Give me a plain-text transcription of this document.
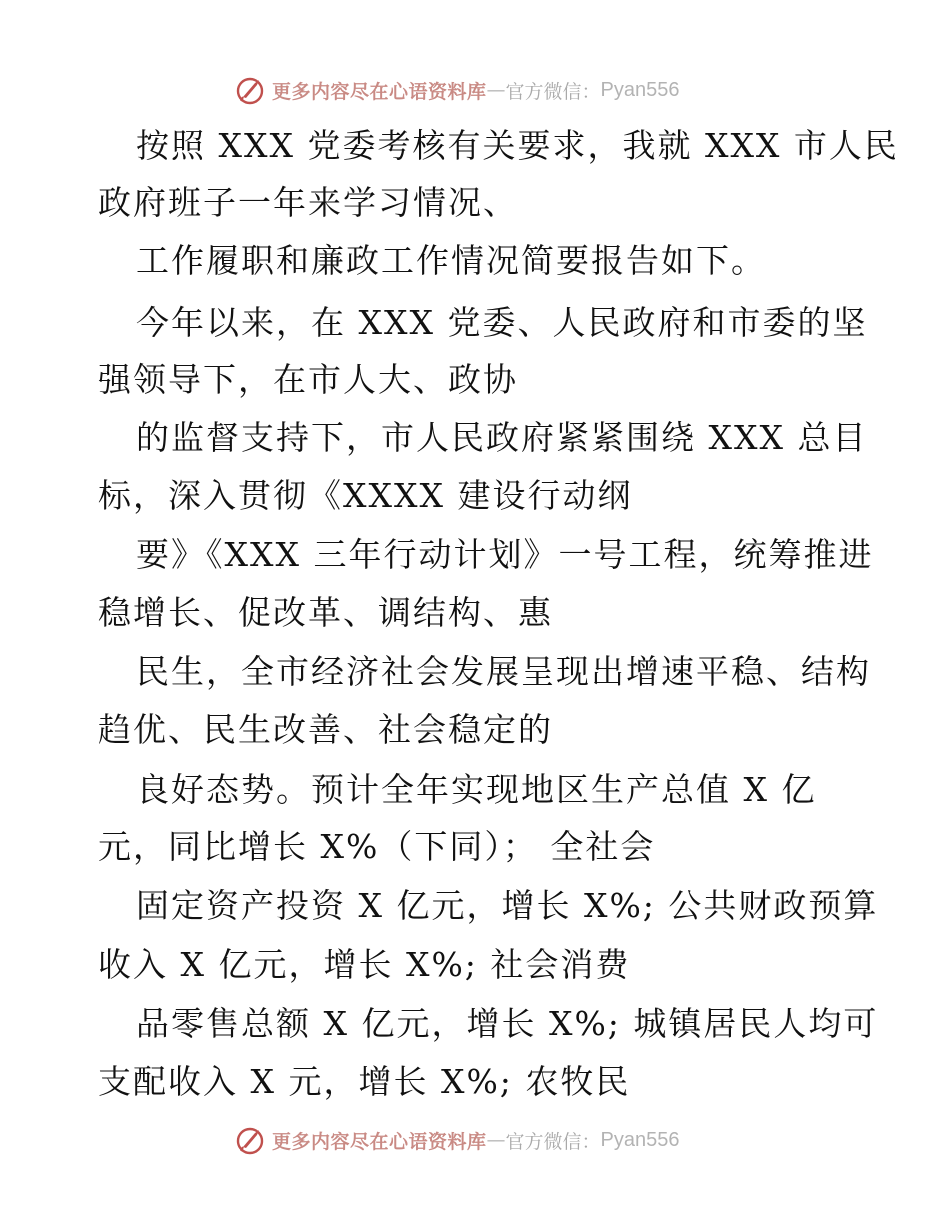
更多内容尽在心语资料库 — 官方微信： Pyan556
按照 XXX 党委考核有关要求，我就 XXX 市人民
政府班子一年来学习情况、
工作履职和廉政工作情况简要报告如下。
今年以来，在 XXX 党委、人民政府和市委的坚
强领导下，在市人大、政协
的监督支持下，市人民政府紧紧围绕 XXX 总目
标，深入贯彻《XXXX 建设行动纲
要》《XXX 三年行动计划》一号工程，统筹推进
稳增长、促改革、调结构、惠
民生，全市经济社会发展呈现出增速平稳、结构
趋优、民生改善、社会稳定的
良好态势。预计全年实现地区生产总值 X 亿
元，同比增长 X%（下同）； 全社会
固定资产投资 X 亿元，增长 X%; 公共财政预算
收入 X 亿元，增长 X%; 社会消费
品零售总额 X 亿元，增长 X%; 城镇居民人均可
支配收入 X 元，增长 X%; 农牧民
更多内容尽在心语资料库 — 官方微信： Pyan556
